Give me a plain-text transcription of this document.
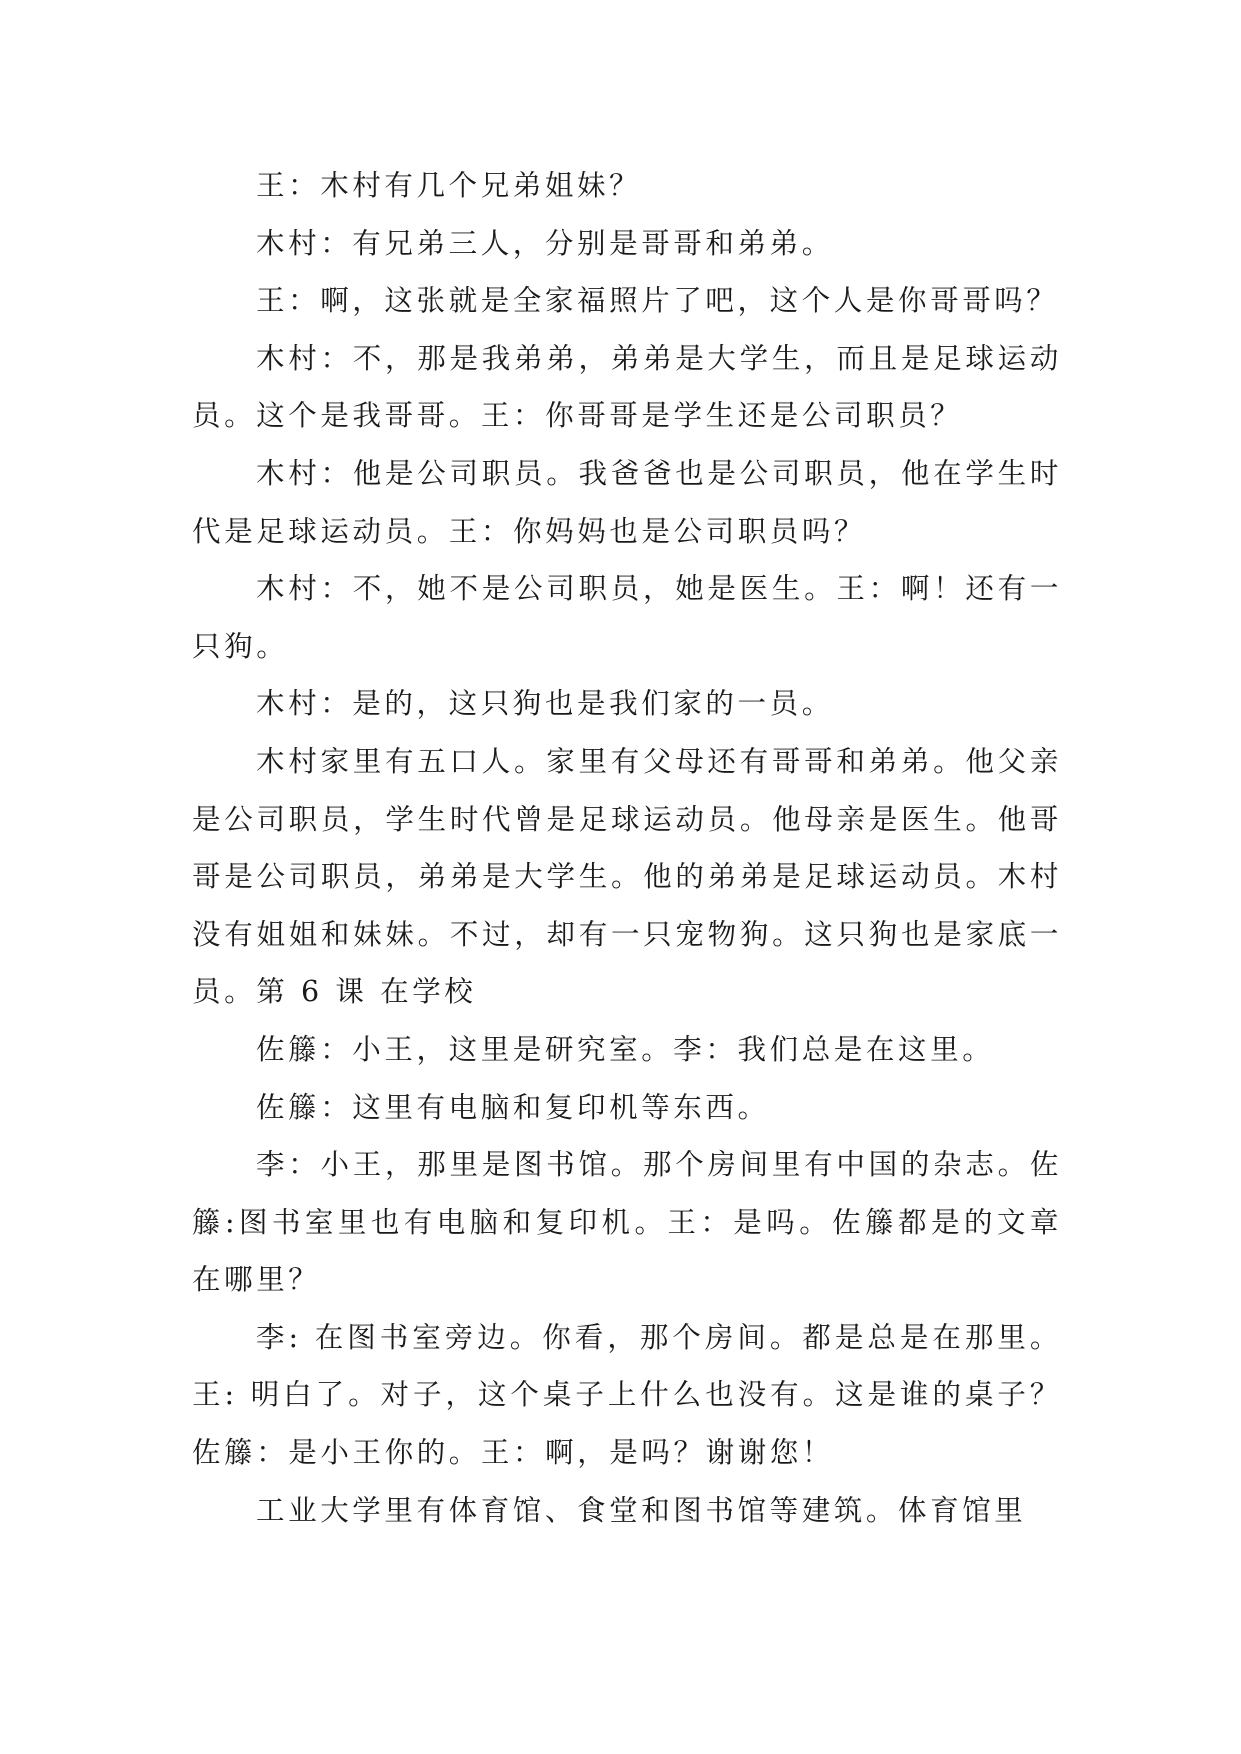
王：木村有几个兄弟姐妹？

木村：有兄弟三人，分别是哥哥和弟弟。

王：啊，这张就是全家福照片了吧，这个人是你哥哥吗？

木村：不，那是我弟弟，弟弟是大学生，而且是足球运动员。这个是我哥哥。王：你哥哥是学生还是公司职员？

木村：他是公司职员。我爸爸也是公司职员，他在学生时代是足球运动员。王：你妈妈也是公司职员吗？

木村：不，她不是公司职员，她是医生。王：啊！还有一只狗。

木村：是的，这只狗也是我们家的一员。

木村家里有五口人。家里有父母还有哥哥和弟弟。他父亲是公司职员，学生时代曾是足球运动员。他母亲是医生。他哥哥是公司职员，弟弟是大学生。他的弟弟是足球运动员。木村没有姐姐和妹妹。不过，却有一只宠物狗。这只狗也是家底一员。第 6 课 在学校

佐籐：小王，这里是研究室。李：我们总是在这里。

佐籐：这里有电脑和复印机等东西。

李：小王，那里是图书馆。那个房间里有中国的杂志。佐籐:图书室里也有电脑和复印机。王：是吗。佐籐都是的文章在哪里？

李: 在图书室旁边。你看，那个房间。都是总是在那里。王: 明白了。对子，这个桌子上什么也没有。这是谁的桌子？佐籐：是小王你的。王：啊，是吗？谢谢您！

工业大学里有体育馆、食堂和图书馆等建筑。体育馆里
